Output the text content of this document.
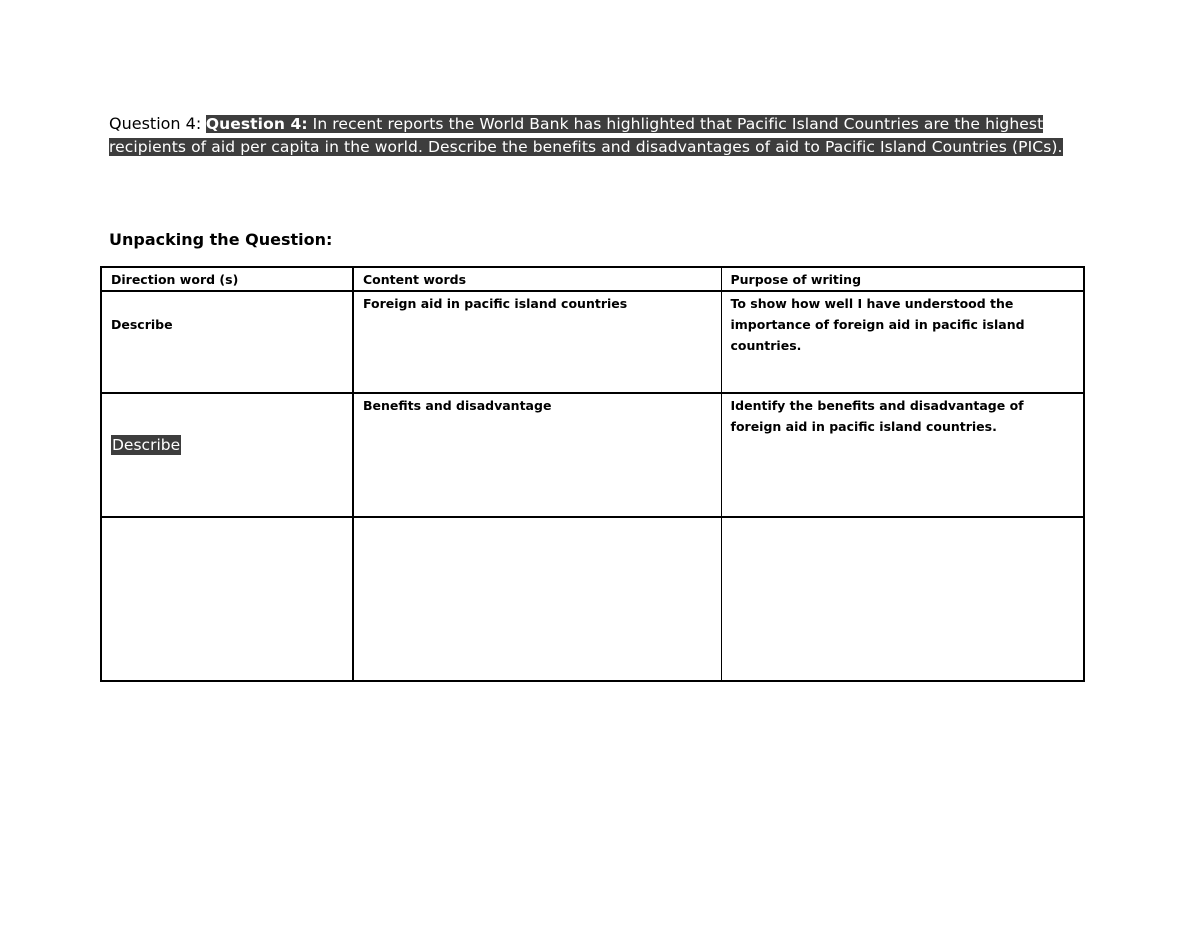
Question 4: Question 4: In recent reports the World Bank has highlighted that Pacific Island Countries are the highest recipients of aid per capita in the world. Describe the benefits and disadvantages of aid to Pacific Island Countries (PICs).
Unpacking the Question:
Direction word (s)	Content words	Purpose of writing

Describe	Foreign aid in pacific island countries	To show how well I have understood the importance of foreign aid in pacific island countries.
Describe	Benefits and disadvantage	Identify the benefits and disadvantage of foreign aid in pacific island countries.
